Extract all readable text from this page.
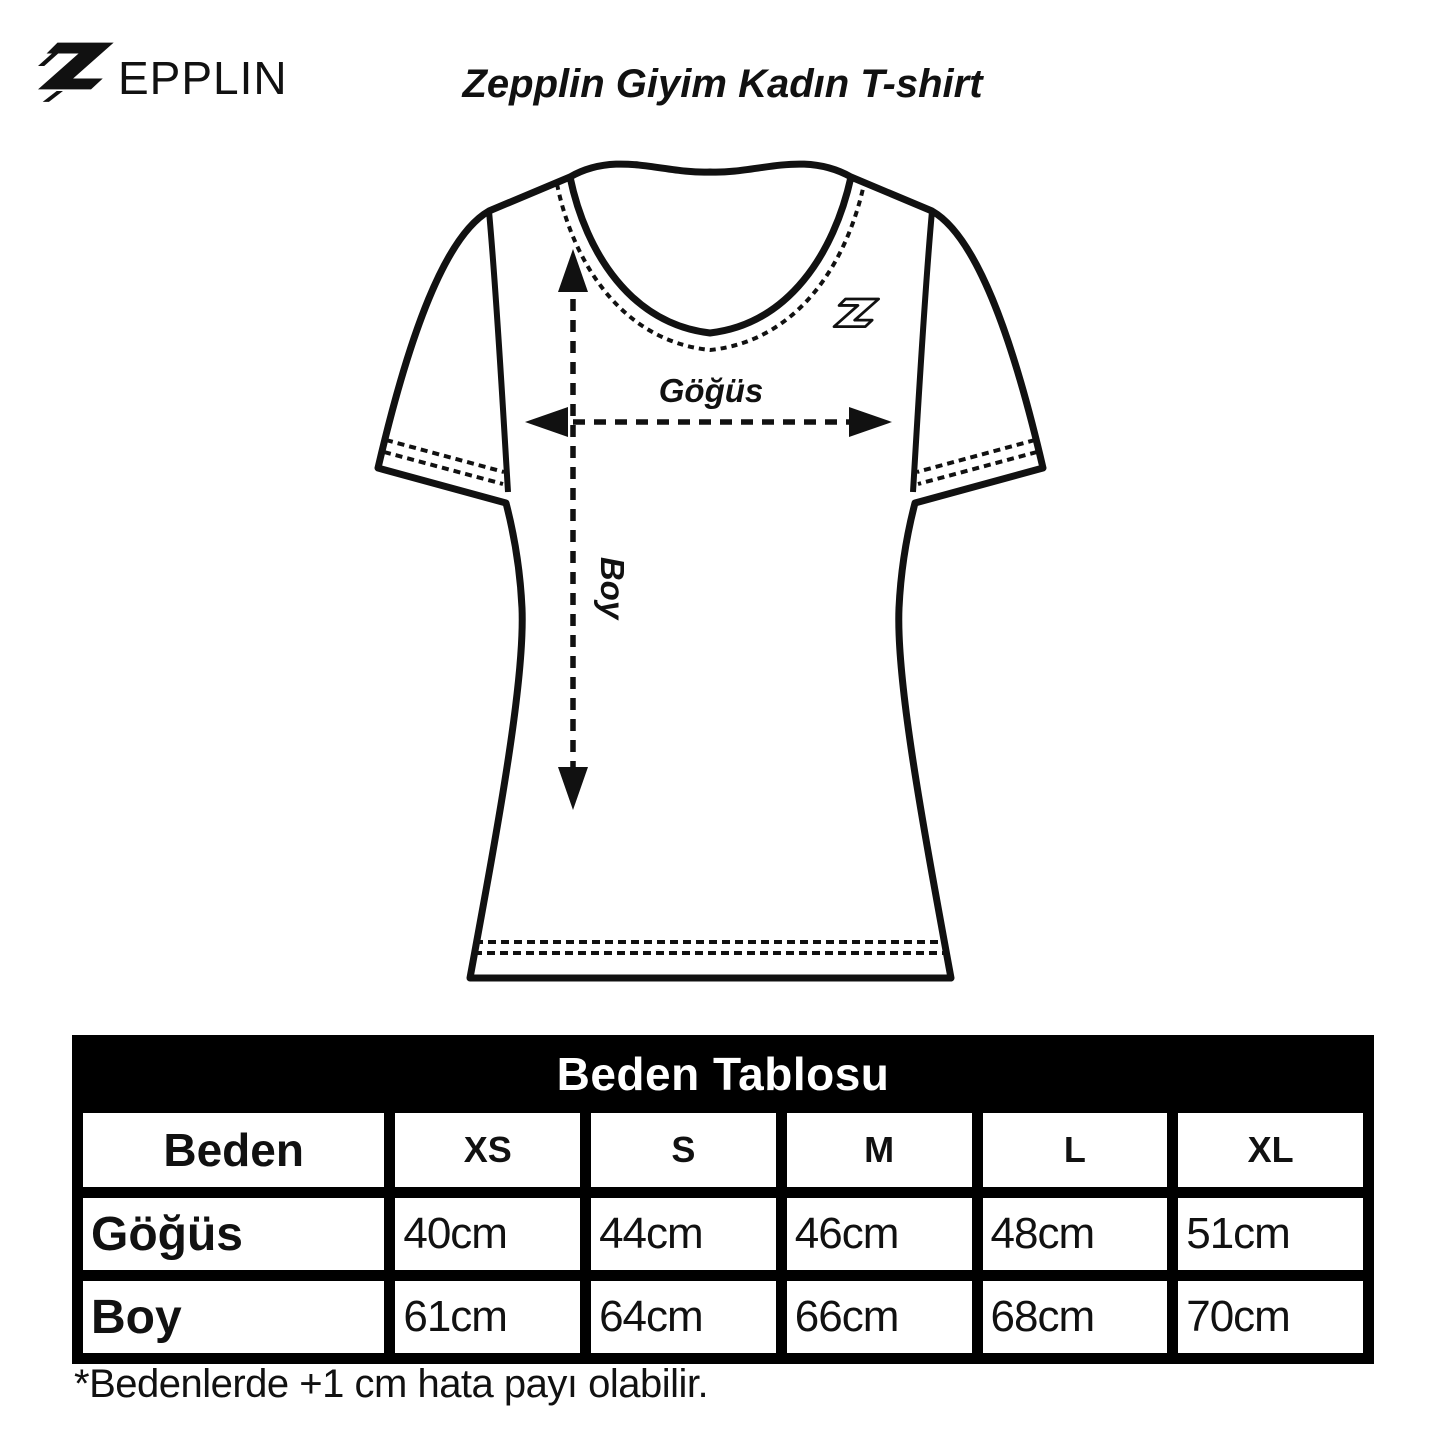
EPPLIN	Zepplin Giyim Kadın T-shirt
Göğüs
Boy
Beden Tablosu					
Beden	XS	S	M	L	XL
Göğüs	40cm	44cm	46cm	48cm	51cm
Boy	61cm	64cm	66cm	68cm	70cm
*Bedenlerde +1 cm hata payı olabilir.
